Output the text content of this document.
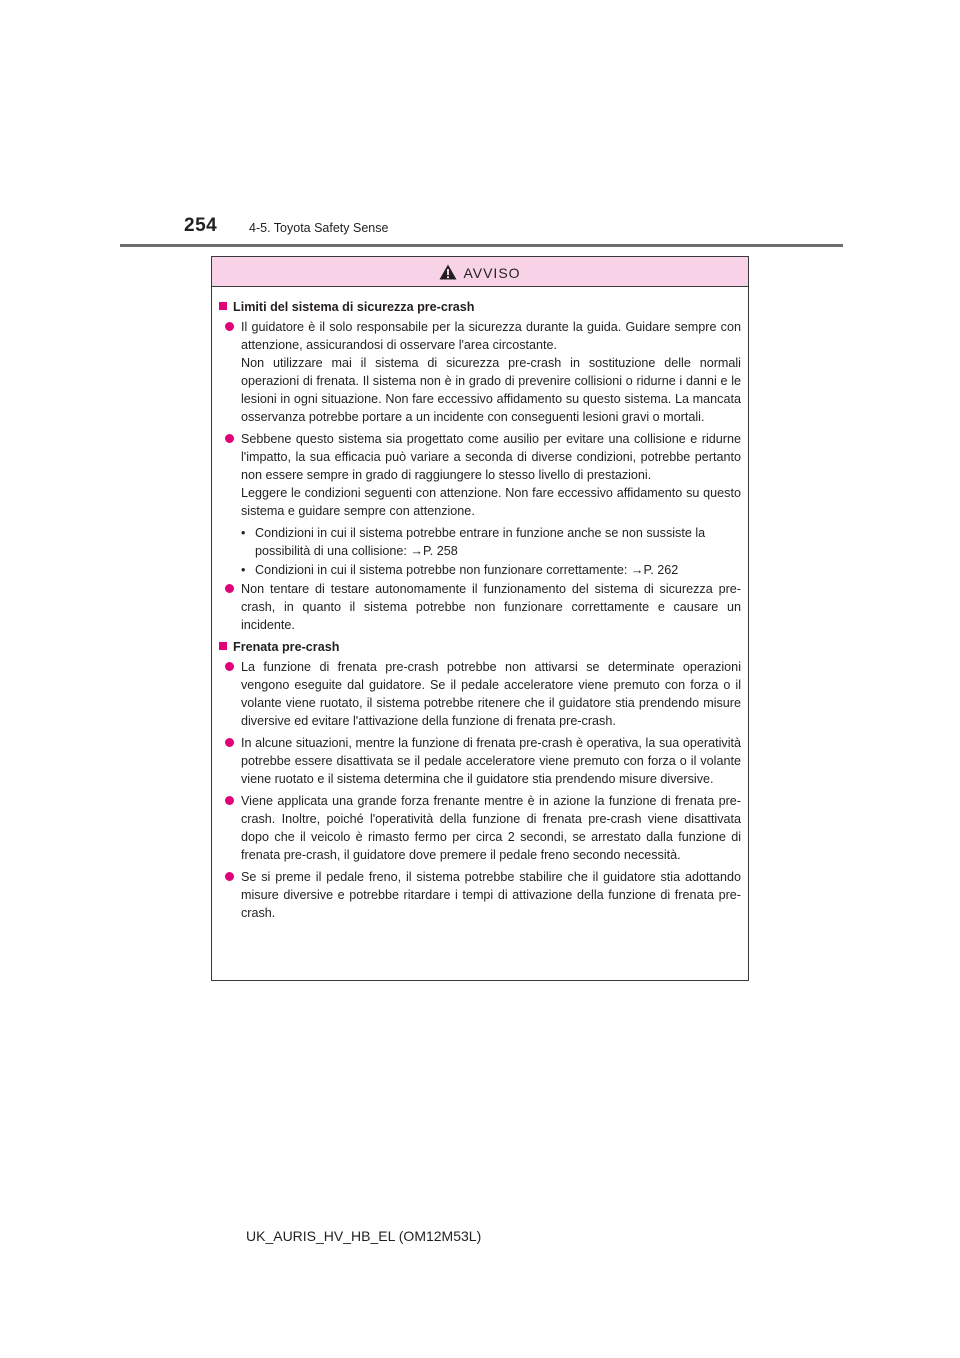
254	4-5. Toyota Safety Sense
AVVISO
Limiti del sistema di sicurezza pre-crash

Il guidatore è il solo responsabile per la sicurezza durante la guida. Guidare sempre con attenzione, assicurandosi di osservare l'area circostante.

Non utilizzare mai il sistema di sicurezza pre-crash in sostituzione delle normali operazioni di frenata. Il sistema non è in grado di prevenire collisioni o ridurne i danni e le lesioni in ogni situazione. Non fare eccessivo affidamento su questo sistema. La mancata osservanza potrebbe portare a un incidente con conseguenti lesioni gravi o mortali.

Sebbene questo sistema sia progettato come ausilio per evitare una collisione e ridurne l'impatto, la sua efficacia può variare a seconda di diverse condizioni, potrebbe pertanto non essere sempre in grado di raggiungere lo stesso livello di prestazioni.

Leggere le condizioni seguenti con attenzione. Non fare eccessivo affidamento su questo sistema e guidare sempre con attenzione.

• Condizioni in cui il sistema potrebbe entrare in funzione anche se non sussiste la possibilità di una collisione: →P. 258
• Condizioni in cui il sistema potrebbe non funzionare correttamente: →P. 262

Non tentare di testare autonomamente il funzionamento del sistema di sicurezza pre-crash, in quanto il sistema potrebbe non funzionare correttamente e causare un incidente.

Frenata pre-crash

La funzione di frenata pre-crash potrebbe non attivarsi se determinate operazioni vengono eseguite dal guidatore. Se il pedale acceleratore viene premuto con forza o il volante viene ruotato, il sistema potrebbe ritenere che il guidatore stia prendendo misure diversive ed evitare l'attivazione della funzione di frenata pre-crash.

In alcune situazioni, mentre la funzione di frenata pre-crash è operativa, la sua operatività potrebbe essere disattivata se il pedale acceleratore viene premuto con forza o il volante viene ruotato e il sistema determina che il guidatore stia prendendo misure diversive.

Viene applicata una grande forza frenante mentre è in azione la funzione di frenata pre-crash. Inoltre, poiché l'operatività della funzione di frenata pre-crash viene disattivata dopo che il veicolo è rimasto fermo per circa 2 secondi, se arrestato dalla funzione di frenata pre-crash, il guidatore dove premere il pedale freno secondo necessità.

Se si preme il pedale freno, il sistema potrebbe stabilire che il guidatore stia adottando misure diversive e potrebbe ritardare i tempi di attivazione della funzione di frenata pre-crash.

UK_AURIS_HV_HB_EL (OM12M53L)
